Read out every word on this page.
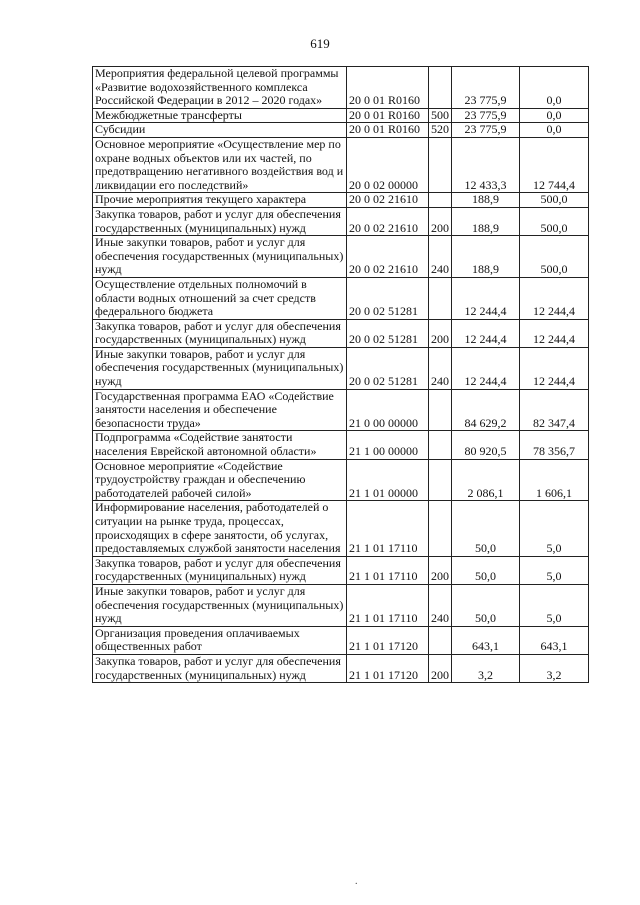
619
Мероприятия федеральной целевой программы «Развитие водохозяйственного комплекса Российской Федерации в 2012 – 2020 годах»	20 0 01 R0160		23 775,9	0,0
Межбюджетные трансферты	20 0 01 R0160	500	23 775,9	0,0
Субсидии	20 0 01 R0160	520	23 775,9	0,0
Основное мероприятие «Осуществление мер по охране водных объектов или их частей, по предотвращению негативного воздействия вод и ликвидации его последствий»	20 0 02 00000		12 433,3	12 744,4
Прочие мероприятия текущего характера	20 0 02 21610		188,9	500,0
Закупка товаров, работ и услуг для обеспечения государственных (муниципальных) нужд	20 0 02 21610	200	188,9	500,0
Иные закупки товаров, работ и услуг для обеспечения государственных (муниципальных) нужд	20 0 02 21610	240	188,9	500,0
Осуществление отдельных полномочий в области водных отношений за счет средств федерального бюджета	20 0 02 51281		12 244,4	12 244,4
Закупка товаров, работ и услуг для обеспечения государственных (муниципальных) нужд	20 0 02 51281	200	12 244,4	12 244,4
Иные закупки товаров, работ и услуг для обеспечения государственных (муниципальных) нужд	20 0 02 51281	240	12 244,4	12 244,4
Государственная программа ЕАО «Содействие занятости населения и обеспечение безопасности труда»	21 0 00 00000		84 629,2	82 347,4
Подпрограмма «Содействие занятости населения Еврейской автономной области»	21 1 00 00000		80 920,5	78 356,7
Основное мероприятие «Содействие трудоустройству граждан и обеспечению работодателей рабочей силой»	21 1 01 00000		2 086,1	1 606,1
Информирование населения, работодателей о ситуации на рынке труда, процессах, происходящих в сфере занятости, об услугах, предоставляемых службой занятости населения	21 1 01 17110		50,0	5,0
Закупка товаров, работ и услуг для обеспечения государственных (муниципальных) нужд	21 1 01 17110	200	50,0	5,0
Иные закупки товаров, работ и услуг для обеспечения государственных (муниципальных) нужд	21 1 01 17110	240	50,0	5,0
Организация проведения оплачиваемых общественных работ	21 1 01 17120		643,1	643,1
Закупка товаров, работ и услуг для обеспечения государственных (муниципальных) нужд	21 1 01 17120	200	3,2	3,2
.
